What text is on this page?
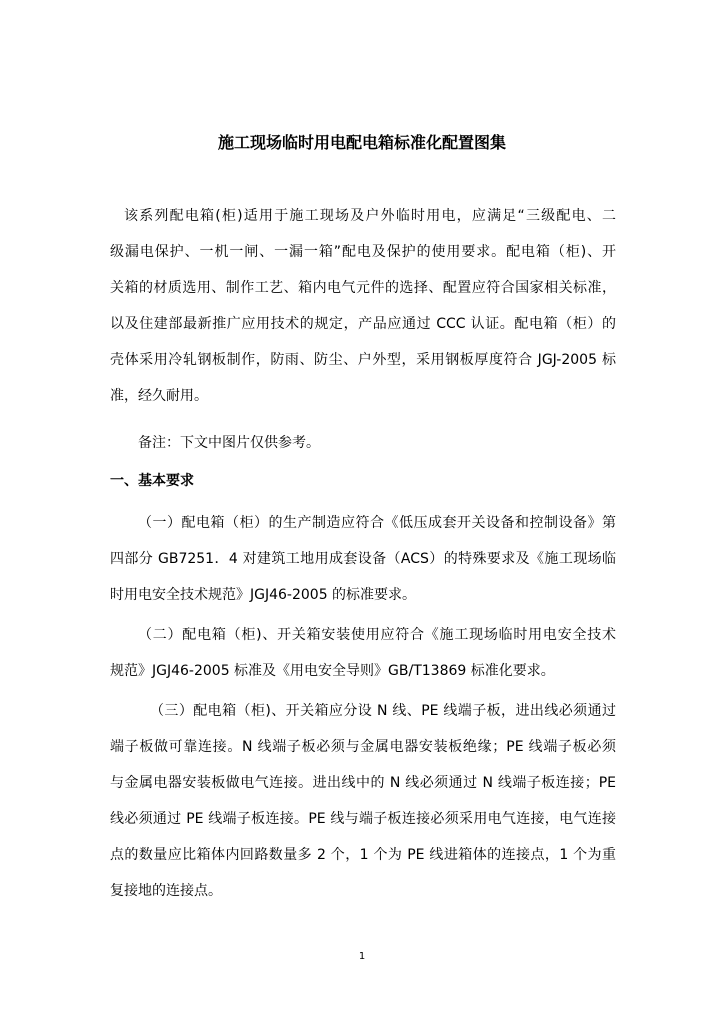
施工现场临时用电配电箱标准化配置图集
该系列配电箱(柜)适用于施工现场及户外临时用电，应满足“三级配电、二
级漏电保护、一机一闸、一漏一箱”配电及保护的使用要求。配电箱（柜)、开
关箱的材质选用、制作工艺、箱内电气元件的选择、配置应符合国家相关标准，
以及住建部最新推广应用技术的规定，产品应通过 CCC 认证。配电箱（柜）的
壳体采用冷轧钢板制作，防雨、防尘、户外型，采用钢板厚度符合 JGJ-2005 标
准，经久耐用。
备注：下文中图片仅供参考。
一、基本要求
（一）配电箱（柜）的生产制造应符合《低压成套开关设备和控制设备》第
四部分 GB7251．4 对建筑工地用成套设备（ACS）的特殊要求及《施工现场临
时用电安全技术规范》JGJ46-2005 的标准要求。
（二）配电箱（柜)、开关箱安装使用应符合《施工现场临时用电安全技术
规范》JGJ46-2005 标准及《用电安全导则》GB/T13869 标准化要求。
（三）配电箱（柜)、开关箱应分设 N 线、PE 线端子板，进出线必须通过
端子板做可靠连接。N 线端子板必须与金属电器安装板绝缘；PE 线端子板必须
与金属电器安装板做电气连接。进出线中的 N 线必须通过 N 线端子板连接；PE
线必须通过 PE 线端子板连接。PE 线与端子板连接必须采用电气连接，电气连接
点的数量应比箱体内回路数量多 2 个，1 个为 PE 线进箱体的连接点，1 个为重
复接地的连接点。
1
